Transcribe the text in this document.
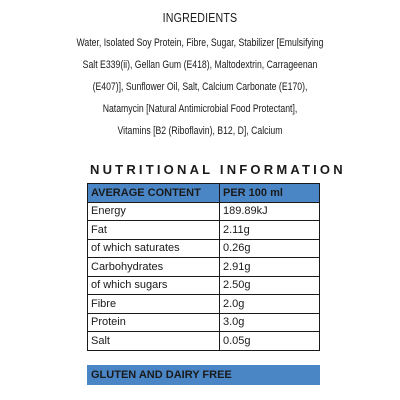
INGREDIENTS
Water, Isolated Soy Protein, Fibre, Sugar, Stabilizer [Emulsifying
Salt E339(ii), Gellan Gum (E418), Maltodextrin, Carrageenan
(E407)], Sunflower Oil, Salt, Calcium Carbonate (E170),
Natamycin [Natural Antimicrobial Food Protectant],
Vitamins [B2 (Riboflavin), B12, D], Calcium
NUTRITIONAL INFORMATION
AVERAGE CONTENT	PER 100 ml
Energy	189.89kJ
Fat	2.11g
of which saturates	0.26g
Carbohydrates	2.91g
of which sugars	2.50g
Fibre	2.0g
Protein	3.0g
Salt	0.05g
GLUTEN AND DAIRY FREE
